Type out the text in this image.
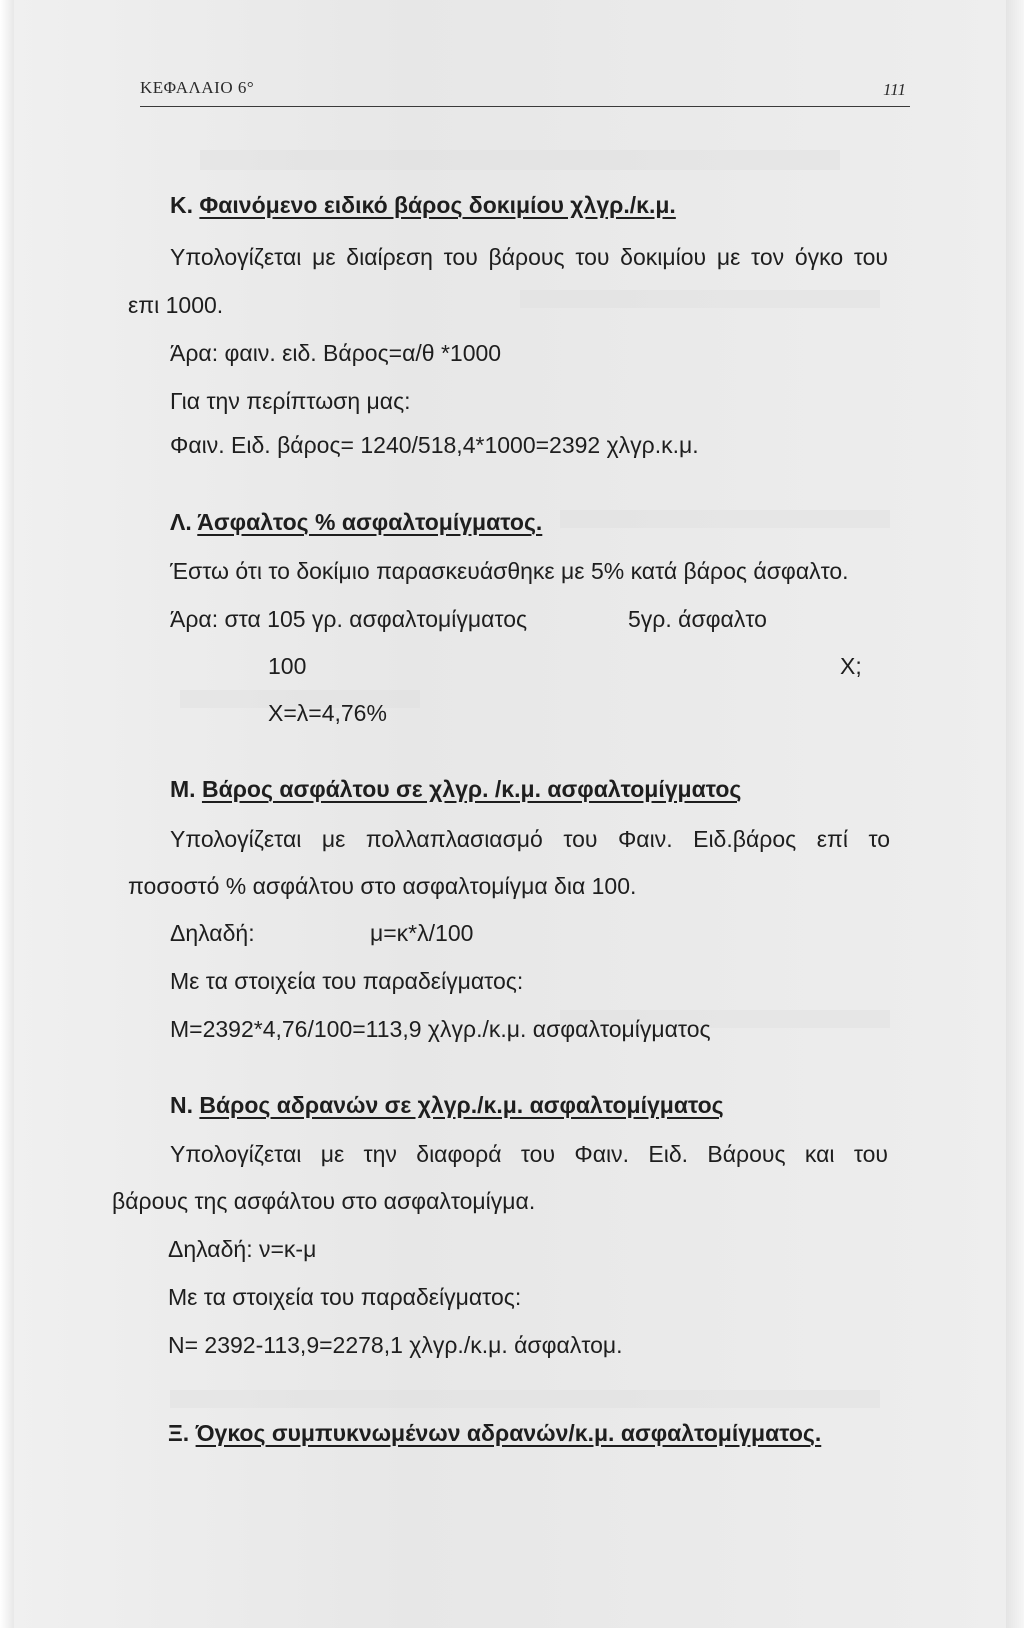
ΚΕΦΑΛΑΙΟ 6°	111
Κ. Φαινόμενο ειδικό βάρος δοκιμίου χλγρ./κ.μ.
Υπολογίζεται με διαίρεση του βάρους του δοκιμίου με τον όγκο του
επι 1000.
Άρα: φαιν. ειδ. Βάρος=α/θ *1000
Για την περίπτωση μας:
Φαιν. Ειδ. βάρος= 1240/518,4*1000=2392 χλγρ.κ.μ.
Λ. Άσφαλτος % ασφαλτομίγματος.
Έστω ότι το δοκίμιο παρασκευάσθηκε με 5% κατά βάρος άσφαλτο.
Άρα: στα 105 γρ. ασφαλτομίγματος	5γρ. άσφαλτο
100	Χ;
Χ=λ=4,76%
Μ. Βάρος ασφάλτου σε χλγρ. /κ.μ. ασφαλτομίγματος
Υπολογίζεται με πολλαπλασιασμό του Φαιν. Ειδ.βάρος επί το
ποσοστό % ασφάλτου στο ασφαλτομίγμα δια 100.
Δηλαδή:	μ=κ*λ/100
Με τα στοιχεία του παραδείγματος:
Μ=2392*4,76/100=113,9 χλγρ./κ.μ. ασφαλτομίγματος
Ν. Βάρος αδρανών σε χλγρ./κ.μ. ασφαλτομίγματος
Υπολογίζεται με την διαφορά του Φαιν. Ειδ. Βάρους και του
βάρους της ασφάλτου στο ασφαλτομίγμα.
Δηλαδή: ν=κ-μ
Με τα στοιχεία του παραδείγματος:
Ν= 2392-113,9=2278,1 χλγρ./κ.μ. άσφαλτομ.
Ξ. Όγκος συμπυκνωμένων αδρανών/κ.μ. ασφαλτομίγματος.
